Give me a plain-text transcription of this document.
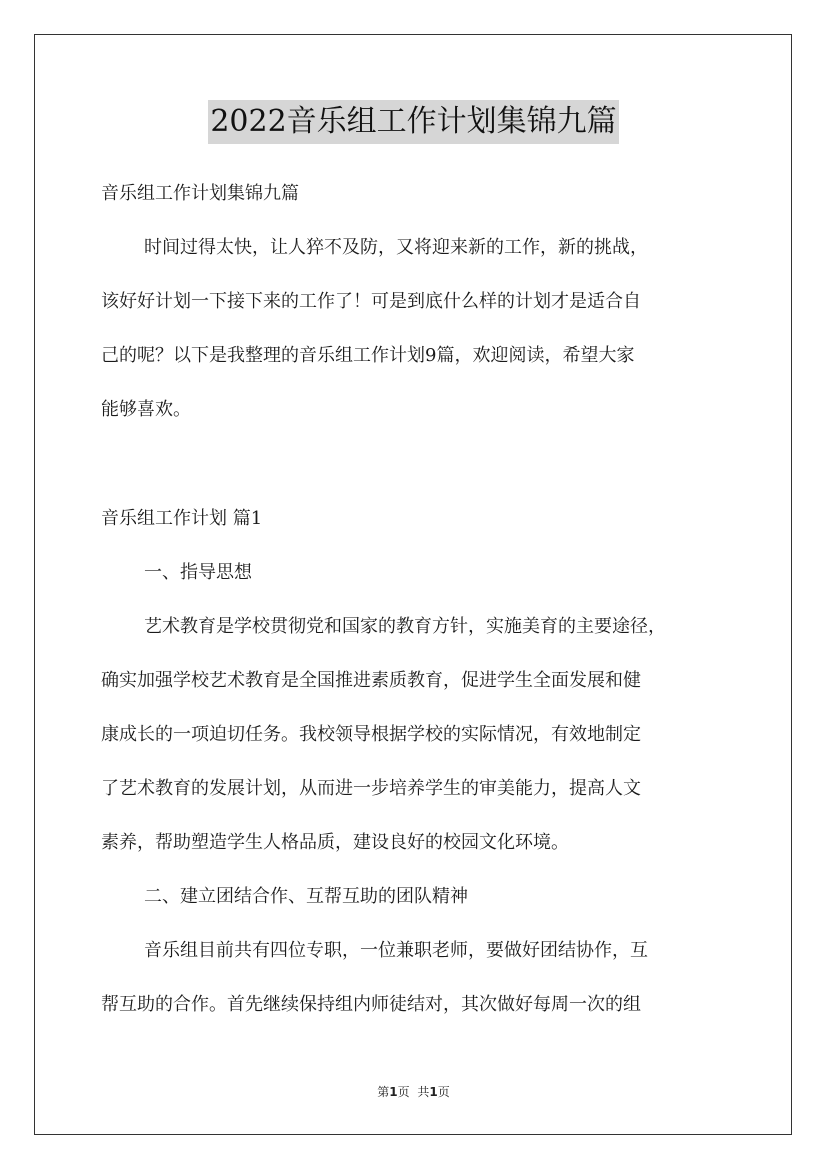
2022音乐组工作计划集锦九篇
音乐组工作计划集锦九篇
时间过得太快，让人猝不及防，又将迎来新的工作，新的挑战，
该好好计划一下接下来的工作了！可是到底什么样的计划才是适合自
己的呢？以下是我整理的音乐组工作计划9篇，欢迎阅读，希望大家
能够喜欢。
音乐组工作计划 篇1
一、指导思想
艺术教育是学校贯彻党和国家的教育方针，实施美育的主要途径，
确实加强学校艺术教育是全国推进素质教育，促进学生全面发展和健
康成长的一项迫切任务。我校领导根据学校的实际情况，有效地制定
了艺术教育的发展计划，从而进一步培养学生的审美能力，提高人文
素养，帮助塑造学生人格品质，建设良好的校园文化环境。
二、建立团结合作、互帮互助的团队精神
音乐组目前共有四位专职，一位兼职老师，要做好团结协作，互
帮互助的合作。首先继续保持组内师徒结对，其次做好每周一次的组
第1页 共1页
